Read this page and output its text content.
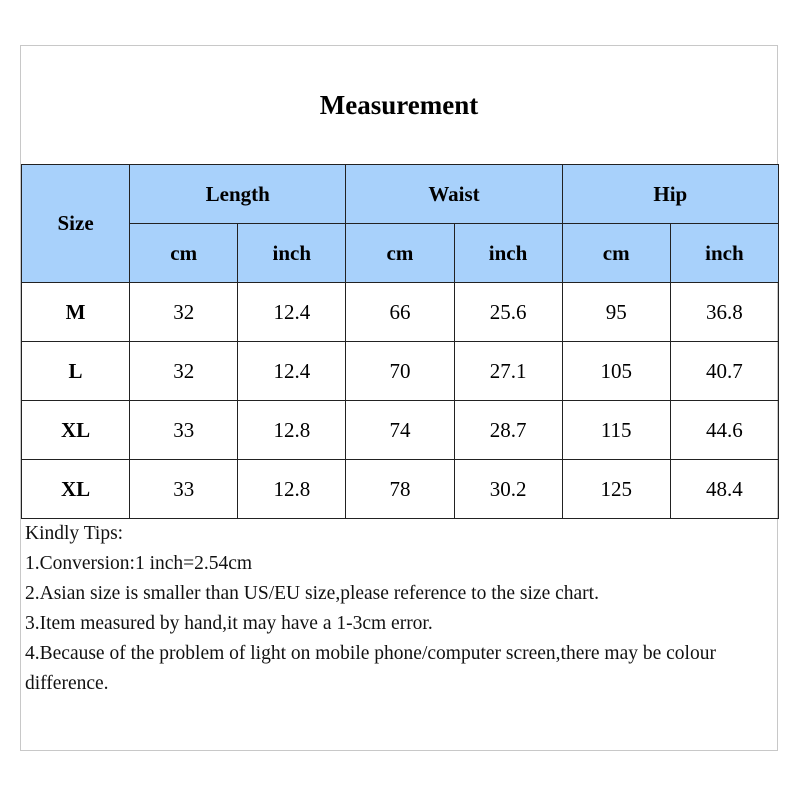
Measurement
Size	Length		Waist		Hip	
	cm	inch	cm	inch	cm	inch
M	32	12.4	66	25.6	95	36.8
L	32	12.4	70	27.1	105	40.7
XL	33	12.8	74	28.7	115	44.6
XL	33	12.8	78	30.2	125	48.4
Kindly Tips:
1.Conversion:1 inch=2.54cm
2.Asian size is smaller than US/EU size,please reference to the size chart.
3.Item measured by hand,it may have a 1-3cm error.
4.Because of the problem of light on mobile phone/computer screen,there may be colour difference.
